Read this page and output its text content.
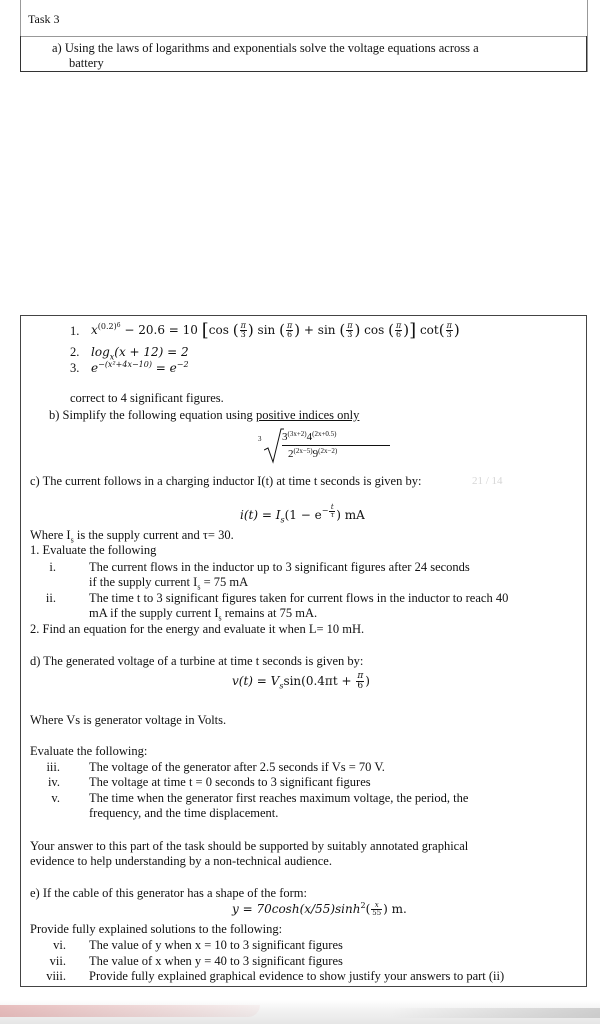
Task 3
a) Using the laws of logarithms and exponentials solve the voltage equations across a
battery
1. $x^{(0.2)^6} - 20.6 = 10$ [cos ( $\frac{\pi}{3}$ ) sin ( $\frac{\pi}{6}$ ) + sin ( $\frac{\pi}{3}$ ) cos ( $\frac{\pi}{6}$ )] $\cot( \frac{\pi}{3}$ )
2. $\log_x(x + 12) = 2$
3. $e^{-(x^2+4x-10)} = e^{-2}$
correct to 4 significant figures.
b) Simplify the following equation using positive indices only
3 $3^{(3x+2)}4^{(2x+0.5)}$
$2^{(2x-5)}9^{(2x-2)}$
c) The current follows in a charging inductor I(t) at time t seconds is given by:	21 / 14
$i(t) = I_s(1 - e^{- \frac{t}{\tau}}$ ) mA
Where $I_s$ is the supply current and τ= 30.
1. Evaluate the following
i.	The current flows in the inductor up to 3 significant figures after 24 seconds
if the supply current $I_s = 75$ mA
ii.	The time t to 3 significant figures taken for current flows in the inductor to reach 40
mA if the supply current $I_s$ remains at 75 mA.
2. Find an equation for the energy and evaluate it when L= 10 mH.
d) The generated voltage of a turbine at time t seconds is given by:
$v(t) = V_s\sin(0.4\pi t + \frac{\pi}{6}$ )
Where Vs is generator voltage in Volts.
Evaluate the following:
iii. The voltage of the generator after 2.5 seconds if Vs = 70 V.
iv. The voltage at time t = 0 seconds to 3 significant figures
v. The time when the generator first reaches maximum voltage, the period, the
frequency, and the time displacement.
Your answer to this part of the task should be supported by suitably annotated graphical
evidence to help understanding by a non-technical audience.
e) If the cable of this generator has a shape of the form:
$y = 70\cosh(x/55)\sinh^2( \frac{x}{55}$ ) m.
Provide fully explained solutions to the following:
vi. The value of y when x = 10 to 3 significant figures
vii. The value of x when y = 40 to 3 significant figures
viii. Provide fully explained graphical evidence to show justify your answers to part (ii)
